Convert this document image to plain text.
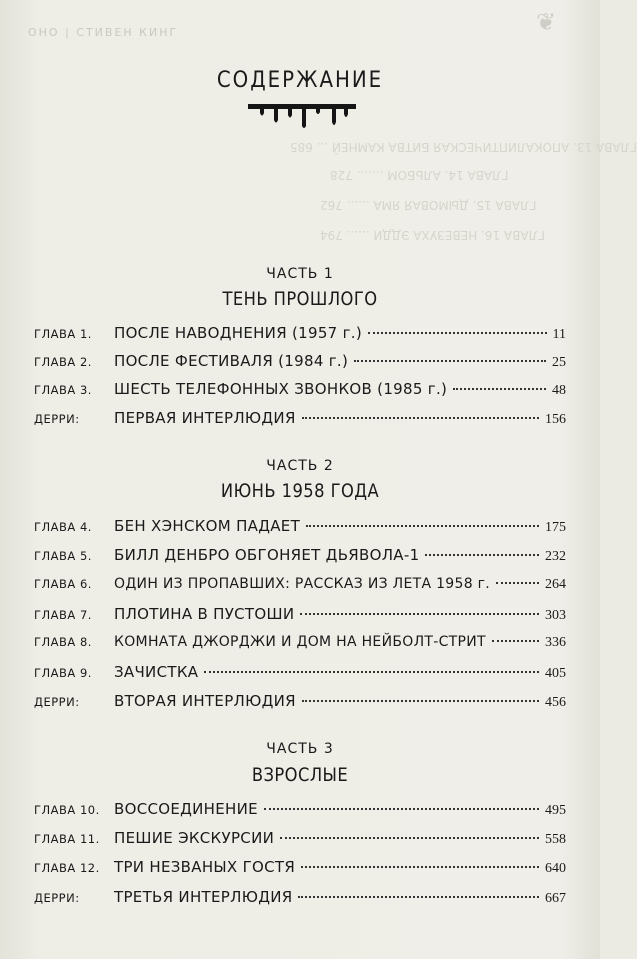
ОНО | СТИВЕН КИНГ	❦
ГЛАВА 13. АПОКАЛИПТИЧЕСКАЯ БИТВА КАМНЕЙ ... 685
ГЛАВА 14. АЛЬБОМ ....... 728
ГЛАВА 15. ДЫМОВАЯ ЯМА ...... 762
ГЛАВА 16. НЕВЕЗУХА ЭДДИ ...... 794
СОДЕРЖАНИЕ
ЧАСТЬ 1
ТЕНЬ ПРОШЛОГО
ГЛАВА 1.	ПОСЛЕ НАВОДНЕНИЯ (1957 г.)	11
ГЛАВА 2.	ПОСЛЕ ФЕСТИВАЛЯ (1984 г.)	25
ГЛАВА 3.	ШЕСТЬ ТЕЛЕФОННЫХ ЗВОНКОВ (1985 г.)	48
ДЕРРИ:	ПЕРВАЯ ИНТЕРЛЮДИЯ	156
ЧАСТЬ 2
ИЮНЬ 1958 ГОДА
ГЛАВА 4.	БЕН ХЭНСКОМ ПАДАЕТ	175
ГЛАВА 5.	БИЛЛ ДЕНБРО ОБГОНЯЕТ ДЬЯВОЛА-1	232
ГЛАВА 6.	ОДИН ИЗ ПРОПАВШИХ: РАССКАЗ ИЗ ЛЕТА 1958 г.	264
ГЛАВА 7.	ПЛОТИНА В ПУСТОШИ	303
ГЛАВА 8.	КОМНАТА ДЖОРДЖИ И ДОМ НА НЕЙБОЛТ-СТРИТ	336
ГЛАВА 9.	ЗАЧИСТКА	405
ДЕРРИ:	ВТОРАЯ ИНТЕРЛЮДИЯ	456
ЧАСТЬ 3
ВЗРОСЛЫЕ
ГЛАВА 10. ВОССОЕДИНЕНИЕ	495
ГЛАВА 11. ПЕШИЕ ЭКСКУРСИИ	558
ГЛАВА 12. ТРИ НЕЗВАНЫХ ГОСТЯ	640
ДЕРРИ:	ТРЕТЬЯ ИНТЕРЛЮДИЯ	667
